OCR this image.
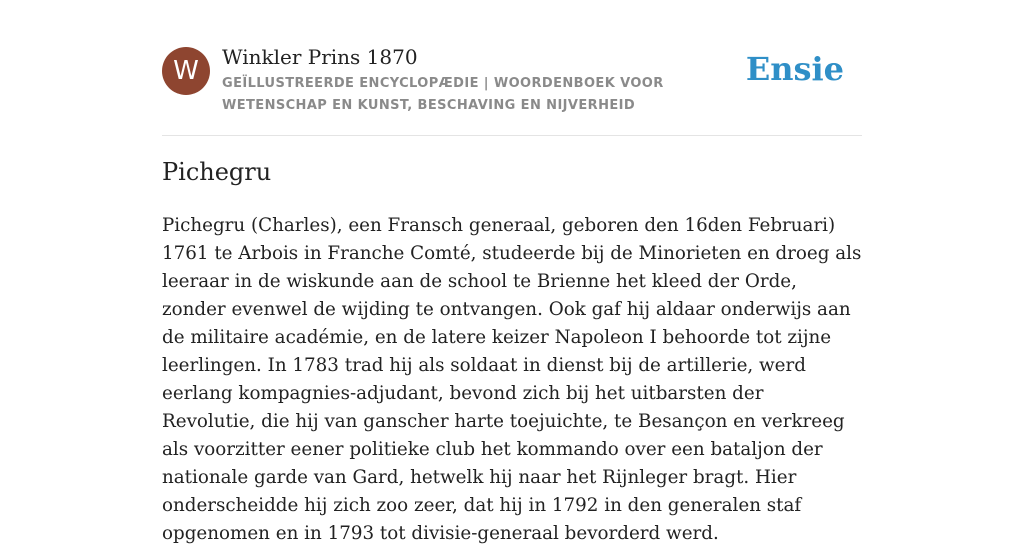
W	Winkler Prins 1870
GEÏLLUSTREERDE ENCYCLOPÆDIE | WOORDENBOEK VOOR WETENSCHAP EN KUNST, BESCHAVING EN NIJVERHEID
Ensie
Pichegru

Pichegru (Charles), een Fransch generaal, geboren den 16den Februari) 1761 te Arbois in Franche Comté, studeerde bij de Minorieten en droeg als leeraar in de wiskunde aan de school te Brienne het kleed der Orde, zonder evenwel de wijding te ontvangen. Ook gaf hij aldaar onderwijs aan de militaire académie, en de latere keizer Napoleon I behoorde tot zijne leerlingen. In 1783 trad hij als soldaat in dienst bij de artillerie, werd eerlang kompagnies-adjudant, bevond zich bij het uitbarsten der Revolutie, die hij van ganscher harte toejuichte, te Besançon en verkreeg als voorzitter eener politieke club het kommando over een bataljon der nationale garde van Gard, hetwelk hij naar het Rijnleger bragt. Hier onderscheidde hij zich zoo zeer, dat hij in 1792 in den generalen staf opgenomen en in 1793 tot divisie-generaal bevorderd werd.
